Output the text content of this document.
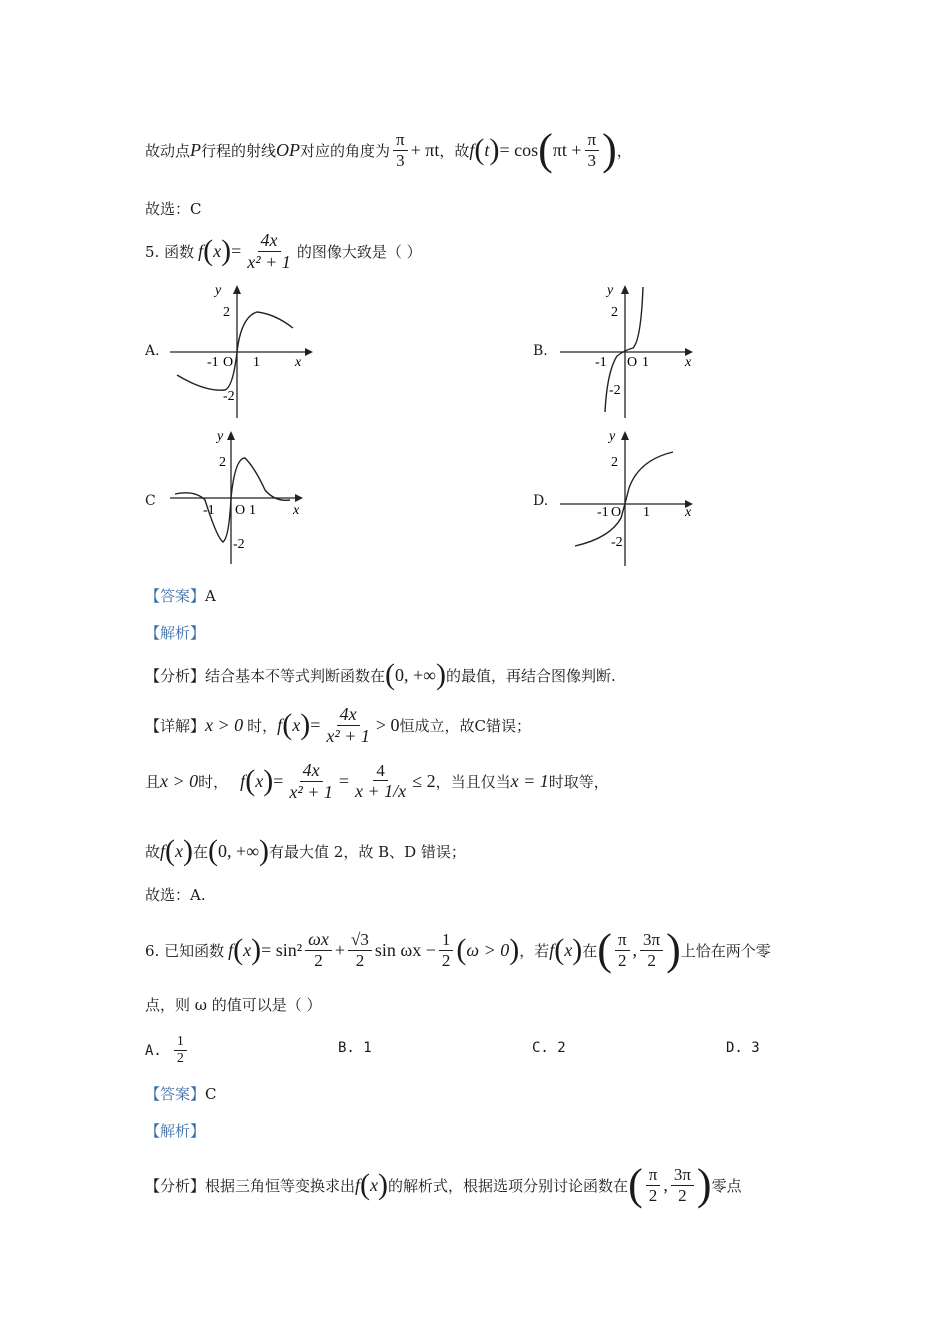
故动点 P 行程的射线 OP 对应的角度为 $\frac{\pi}{3} + \pi t$ ，故 f ( t ) = cos ( $\pi t + \frac{\pi}{3}$ ) ，
故选：C
5. 函数 f ( x ) = $\frac{4x}{\text{x² + 1}}$ 的图像大致是（ ）
A.
y
x
O
2
-2
1
-1
B.
y
x
O
2
-2
1
-1
C
y
x
O
2
-2
1
-1
D.
y
x
O
2
-2
1
-1
【答案】 A
【解析】
【分析】 结合基本不等式判断函数在 ( 0, +∞ ) 的最值，再结合图像判断.
【详解】 x > 0 时， f ( x ) = $\frac{4x}{\text{x² + 1}} > 0$ 恒成立，故C错误；
且 x > 0 时， f ( x ) = $\frac{4x}{\text{x² + 1}} = \frac{4}{x + 1/x} \le 2$ ，当且仅当 x = 1 时取等，
故 f ( x ) 在 ( 0, +∞ ) 有最大值 2，故 B、D 错误；
故选：A.
6. 已知函数 f ( x ) = $\sin^2 \frac{\omega x}{2} + \frac{√3}{2}$ $\sin \omega x - \frac{1}{2}$ ( ω > 0 ) ，若 f ( x ) 在 ( $\frac{\pi}{2}$ , $\frac{3\pi}{2}$ ) 上恰在两个零
点，则 ω 的值可以是（ ）
A. $\frac{1}{2}$	B. 1	C. 2	D. 3
【答案】 C
【解析】
【分析】 根据三角恒等变换求出 f ( x ) 的解析式，根据选项分别讨论函数在 ( $\frac{\pi}{2}$ , $\frac{3\pi}{2}$ ) 零点
